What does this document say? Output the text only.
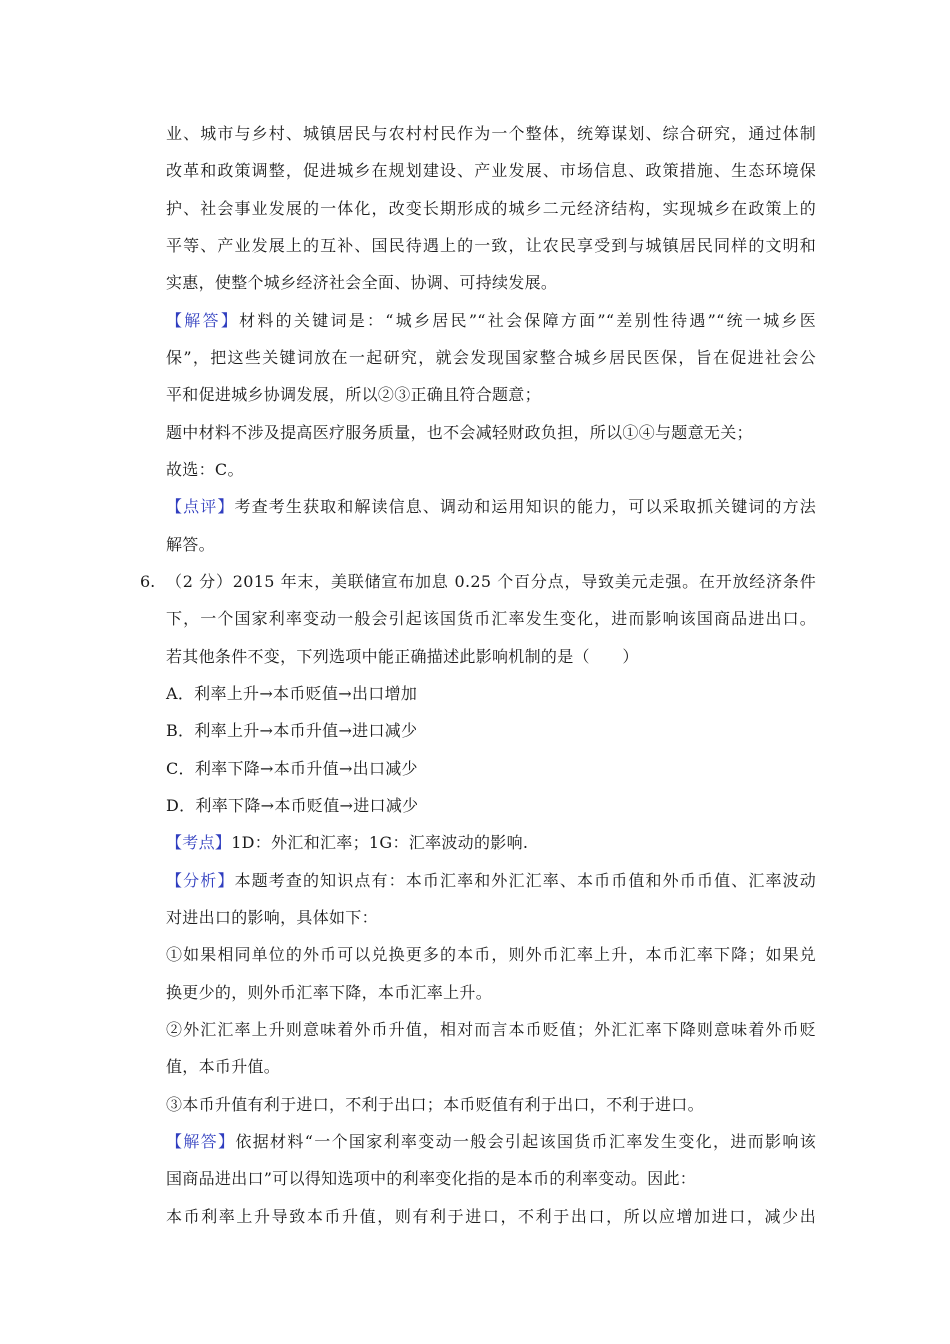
业、城市与乡村、城镇居民与农村村民作为一个整体，统筹谋划、综合研究，通过体制
改革和政策调整，促进城乡在规划建设、产业发展、市场信息、政策措施、生态环境保
护、社会事业发展的一体化，改变长期形成的城乡二元经济结构，实现城乡在政策上的
平等、产业发展上的互补、国民待遇上的一致，让农民享受到与城镇居民同样的文明和
实惠，使整个城乡经济社会全面、协调、可持续发展。
【解答】材料的关键词是：“城乡居民”“社会保障方面”“差别性待遇”“统一城乡医
保”，把这些关键词放在一起研究，就会发现国家整合城乡居民医保，旨在促进社会公
平和促进城乡协调发展，所以②③正确且符合题意；
题中材料不涉及提高医疗服务质量，也不会减轻财政负担，所以①④与题意无关；
故选：C。
【点评】考查考生获取和解读信息、调动和运用知识的能力，可以采取抓关键词的方法
解答。
6. （2 分）2015 年末，美联储宣布加息 0.25 个百分点，导致美元走强。在开放经济条件
下，一个国家利率变动一般会引起该国货币汇率发生变化，进而影响该国商品进出口。
若其他条件不变，下列选项中能正确描述此影响机制的是（　　）
A．利率上升→本币贬值→出口增加
B．利率上升→本币升值→进口减少
C．利率下降→本币升值→出口减少
D．利率下降→本币贬值→进口减少
【考点】1D：外汇和汇率；1G：汇率波动的影响.
【分析】本题考查的知识点有：本币汇率和外汇汇率、本币币值和外币币值、汇率波动
对进出口的影响，具体如下：
①如果相同单位的外币可以兑换更多的本币，则外币汇率上升，本币汇率下降；如果兑
换更少的，则外币汇率下降，本币汇率上升。
②外汇汇率上升则意味着外币升值，相对而言本币贬值；外汇汇率下降则意味着外币贬
值，本币升值。
③本币升值有利于进口，不利于出口；本币贬值有利于出口，不利于进口。
【解答】依据材料“一个国家利率变动一般会引起该国货币汇率发生变化，进而影响该
国商品进出口”可以得知选项中的利率变化指的是本币的利率变动。因此：
本币利率上升导致本币升值，则有利于进口，不利于出口，所以应增加进口，减少出
